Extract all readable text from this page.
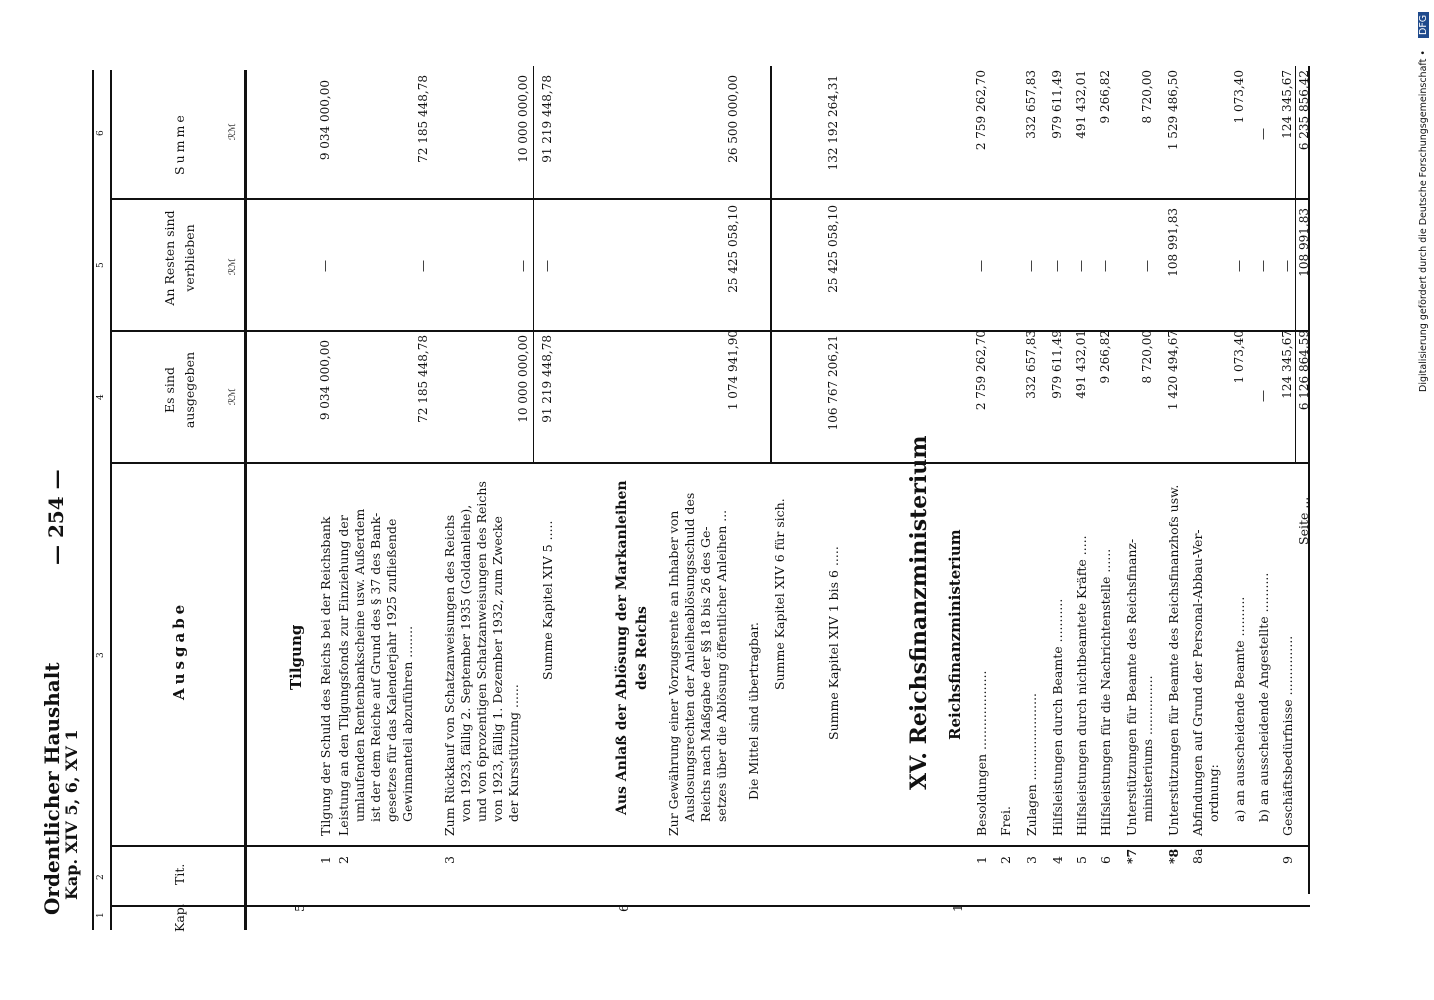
Ordentlicher Haushalt
Kap. XIV 5, 6, XV 1
— 254 —
Digitalisierung gefördert durch die Deutsche Forschungsgemeinschaft •
DFG
1
2
3
4
5
6
Kap.
Tit.
Ausgabe
Es sind ausgegeben
An Resten sind verblieben
Summe
ℛℳ
ℛℳ
ℛℳ
5
Tilgung
1
Tilgung der Schuld des Reichs bei der Reichsbank
9 034 000,00
—
9 034 000,00
2
Leistung an den Tilgungsfonds zur Einziehung der umlaufenden Rentenbankscheine usw. Außerdem ist der dem Reiche auf Grund des § 37 des Bank- gesetzes für das Kalenderjahr 1925 zufließende Gewinnanteil abzuführen ........
72 185 448,78
—
72 185 448,78
3
Zum Rückkauf von Schatzanweisungen des Reichs von 1923, fällig 2. September 1935 (Goldanleihe), und von 6prozentigen Schatzanweisungen des Reichs von 1923, fällig 1. Dezember 1932, zum Zwecke der Kursstützung ......
10 000 000,00
—
10 000 000,00
Summe Kapitel XIV 5 .....
91 219 448,78
—
91 219 448,78
6
Aus Anlaß der Ablösung der Markanleihen des Reichs Zur Gewährung einer Vorzugsrente an Inhaber von Auslosungsrechten der Anleiheablösungsschuld des Reichs nach Maßgabe der §§ 18 bis 26 des Ge- setzes über die Ablösung öffentlicher Anleihen ... Die Mittel sind übertragbar.
1 074 941,90
25 425 058,10
26 500 000,00
Summe Kapitel XIV 6 für sich.	Summe Kapitel XIV 1 bis 6 .....
106 767 206,21
25 425 058,10
132 192 264,31
XV. Reichsfinanzministerium Reichsfinanzministerium
1
1
Besoldungen ....................
2 759 262,70
—
2 759 262,70
2
Frei.
3
Zulagen ......................
332 657,83
—
332 657,83
4
Hilfsleistungen durch Beamte ...........
979 611,49
—
979 611,49
5
Hilfsleistungen durch nichtbeamtete Kräfte .....
491 432,01
—
491 432,01
6
Hilfsleistungen für die Nachrichtenstelle ......
9 266,82
—
9 266,82
*7
Unterstützungen für Beamte des Reichsfinanz- ministeriums ...............
8 720,00
—
8 720,00
*8
Unterstützungen für Beamte des Reichsfinanzhofs usw.
1 420 494,67
108 991,83
1 529 486,50
8a
Abfindungen auf Grund der Personal-Abbau-Ver- ordnung: a) an ausscheidende Beamte ..........
1 073,40
—
1 073,40
b) an ausscheidende Angestellte ..........
—
—
—
9
Geschäftsbedürfnisse ...............
124 345,67
—
124 345,67
Seite ...
6 126 864,59
108 991,83
6 235 856,42
